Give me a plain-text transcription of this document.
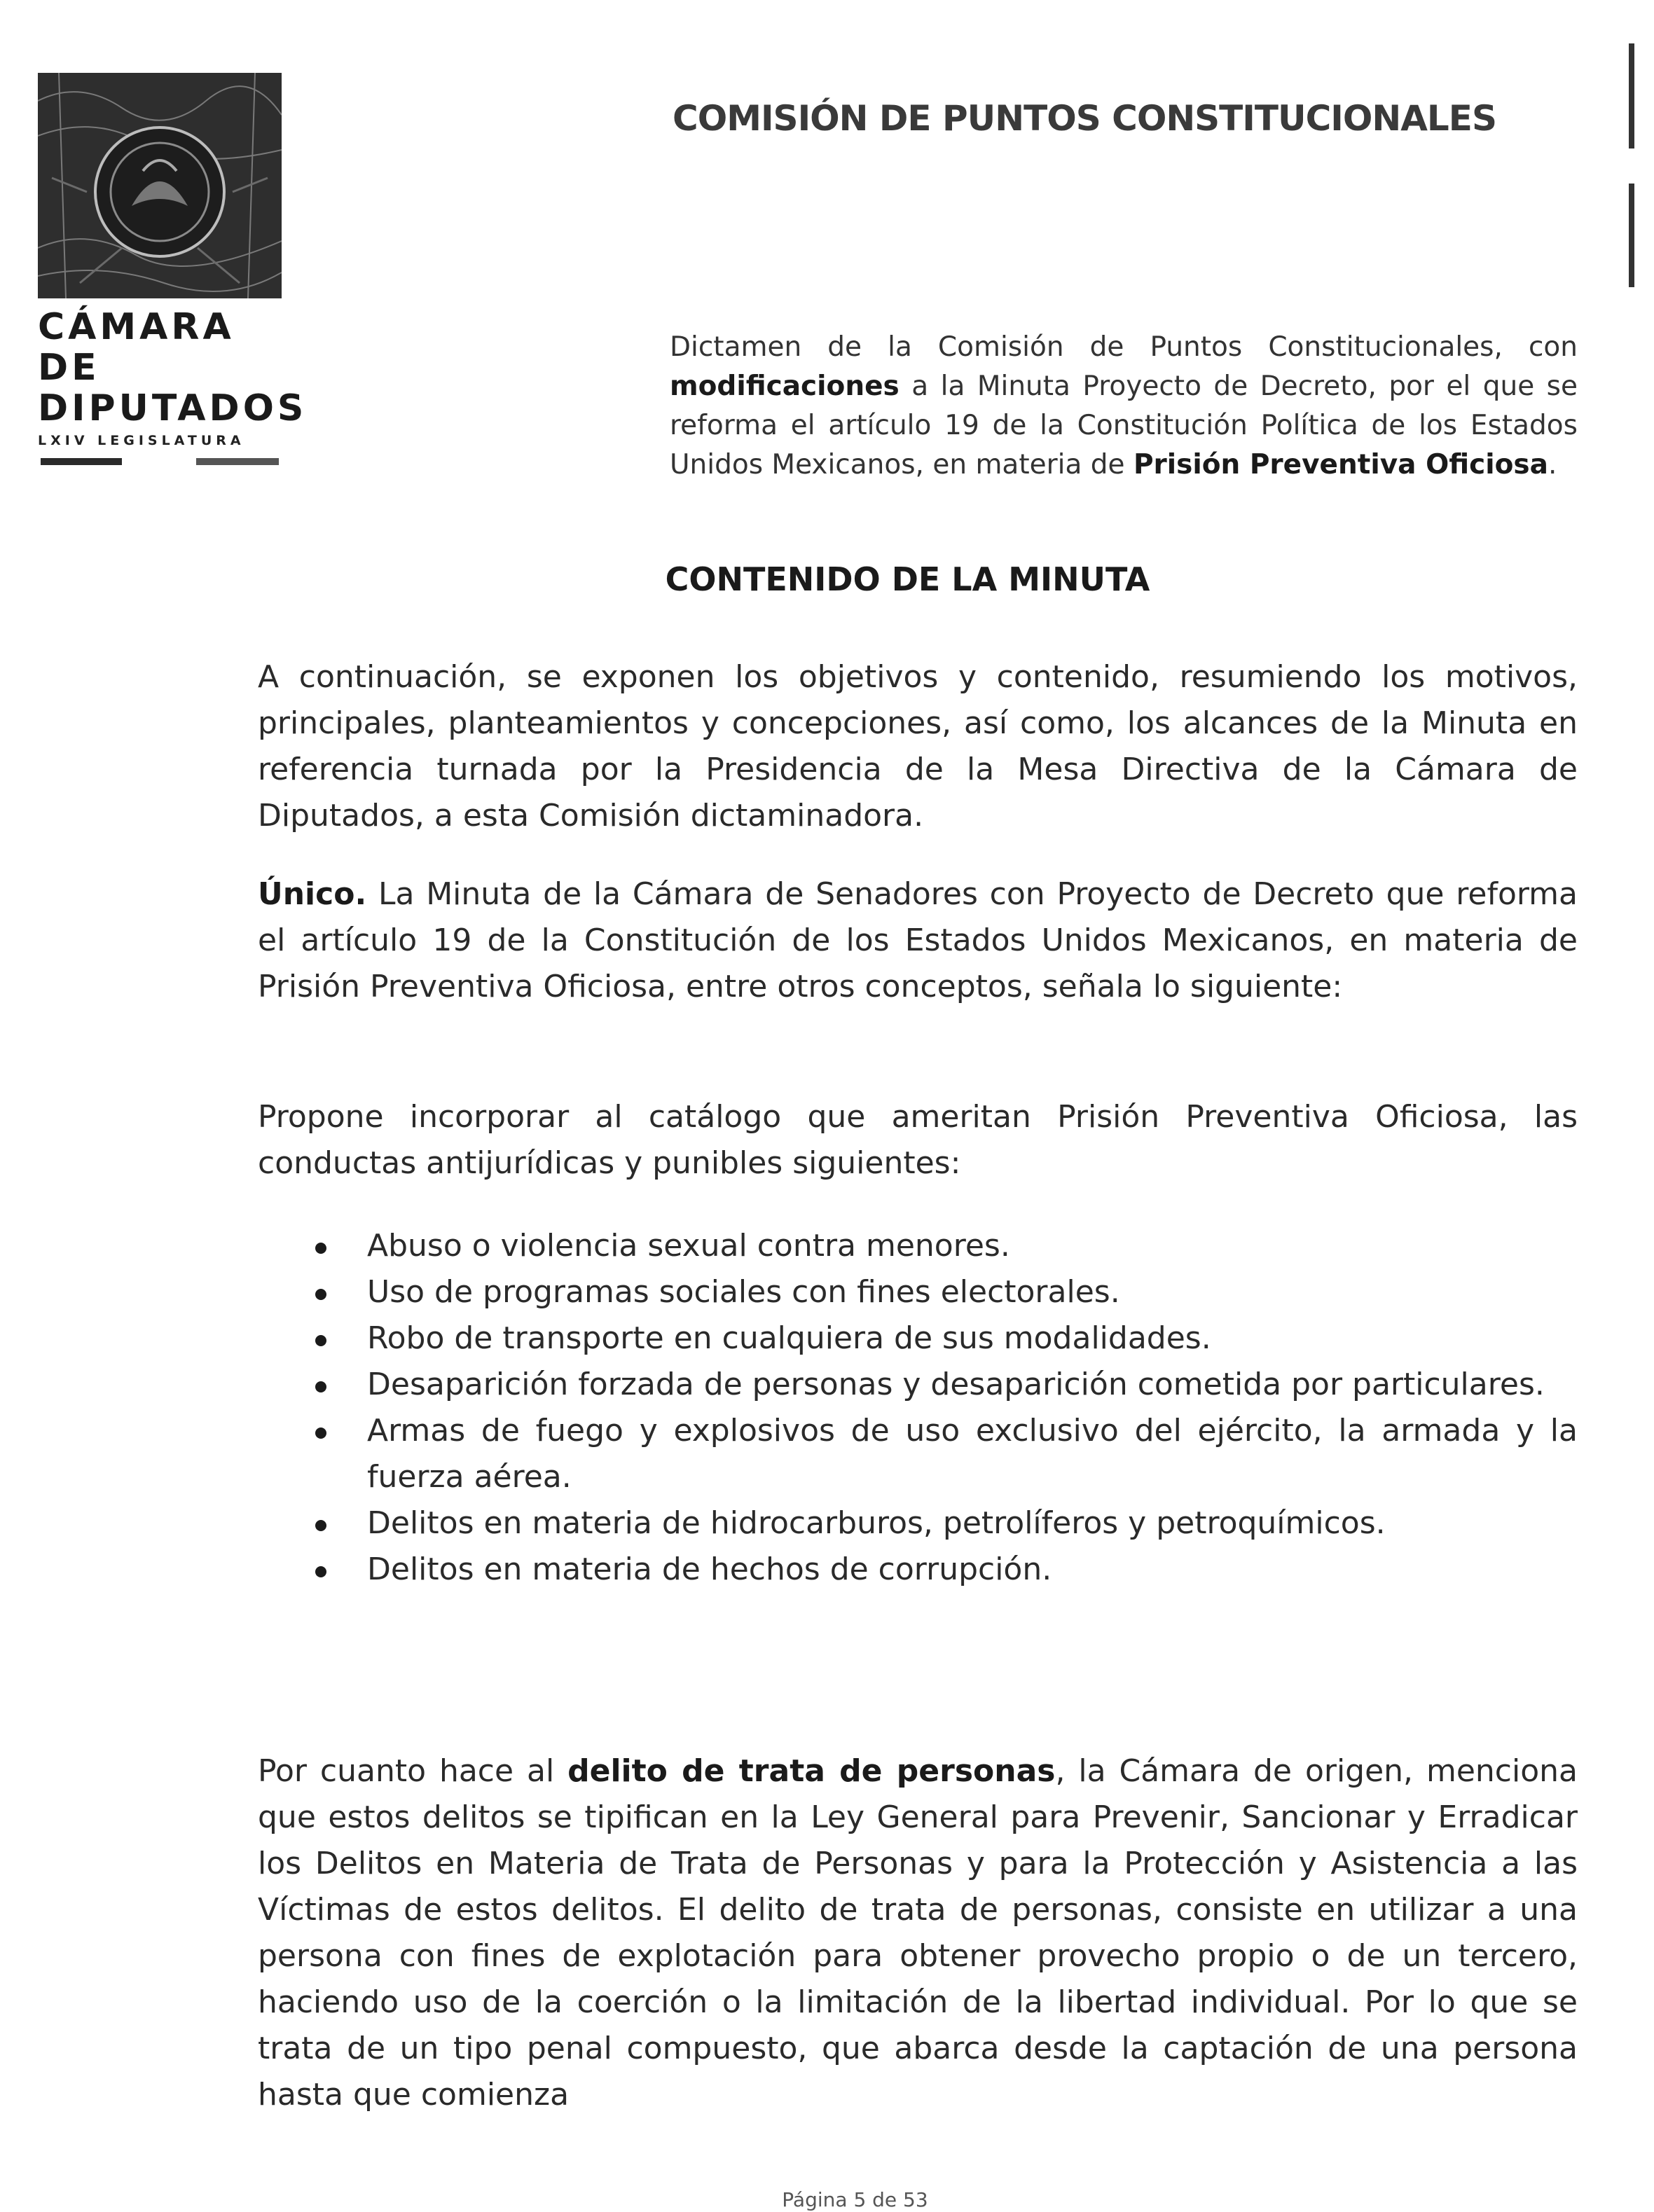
CÁMARA DE
DIPUTADOS
LXIV LEGISLATURA
COMISIÓN DE PUNTOS CONSTITUCIONALES
Dictamen de la Comisión de Puntos Constitucionales, con modificaciones a la Minuta Proyecto de Decreto, por el que se reforma el artículo 19 de la Constitución Política de los Estados Unidos Mexicanos, en materia de Prisión Preventiva Oficiosa.
CONTENIDO DE LA MINUTA
A continuación, se exponen los objetivos y contenido, resumiendo los motivos, principales, planteamientos y concepciones, así como, los alcances de la Minuta en referencia turnada por la Presidencia de la Mesa Directiva de la Cámara de Diputados, a esta Comisión dictaminadora.
Único. La Minuta de la Cámara de Senadores con Proyecto de Decreto que reforma el artículo 19 de la Constitución de los Estados Unidos Mexicanos, en materia de Prisión Preventiva Oficiosa, entre otros conceptos, señala lo siguiente:
Propone incorporar al catálogo que ameritan Prisión Preventiva Oficiosa, las conductas antijurídicas y punibles siguientes:
Abuso o violencia sexual contra menores.
Uso de programas sociales con fines electorales.
Robo de transporte en cualquiera de sus modalidades.
Desaparición forzada de personas y desaparición cometida por particulares.
Armas de fuego y explosivos de uso exclusivo del ejército, la armada y la fuerza aérea.
Delitos en materia de hidrocarburos, petrolíferos y petroquímicos.
Delitos en materia de hechos de corrupción.
Por cuanto hace al delito de trata de personas, la Cámara de origen, menciona que estos delitos se tipifican en la Ley General para Prevenir, Sancionar y Erradicar los Delitos en Materia de Trata de Personas y para la Protección y Asistencia a las Víctimas de estos delitos. El delito de trata de personas, consiste en utilizar a una persona con fines de explotación para obtener provecho propio o de un tercero, haciendo uso de la coerción o la limitación de la libertad individual. Por lo que se trata de un tipo penal compuesto, que abarca desde la captación de una persona hasta que comienza
Página 5 de 53
